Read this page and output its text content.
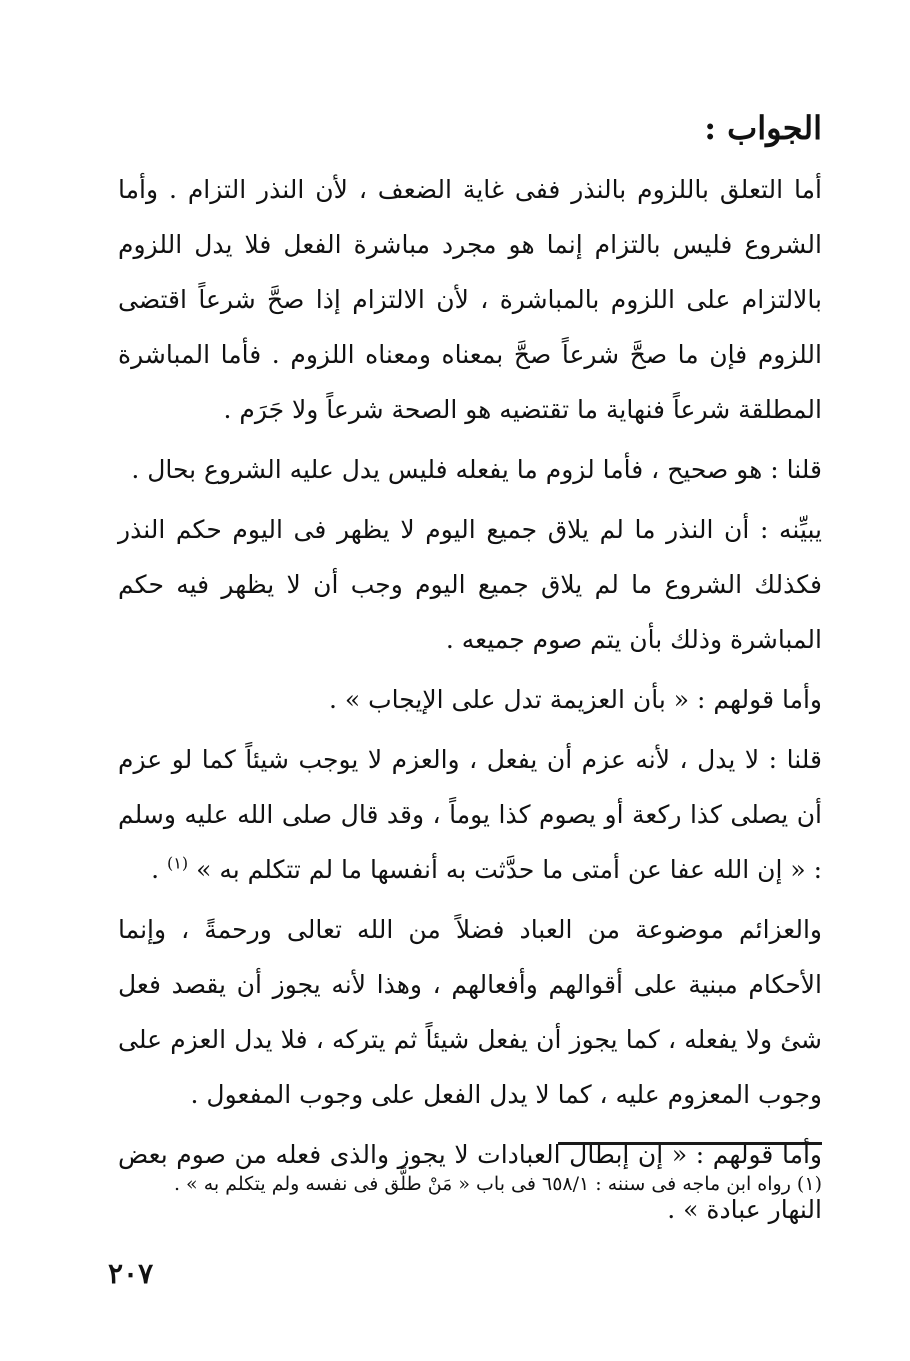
الجواب :

أما التعلق باللزوم بالنذر ففى غاية الضعف ، لأن النذر التزام . وأما الشروع فليس بالتزام إنما هو مجرد مباشرة الفعل فلا يدل اللزوم بالالتزام على اللزوم بالمباشرة ، لأن الالتزام إذا صحَّ شرعاً اقتضى اللزوم فإن ما صحَّ شرعاً صحَّ بمعناه ومعناه اللزوم . فأما المباشرة المطلقة شرعاً فنهاية ما تقتضيه هو الصحة شرعاً ولا جَرَم .

قلنا : هو صحيح ، فأما لزوم ما يفعله فليس يدل عليه الشروع بحال .

يبيِّنه : أن النذر ما لم يلاق جميع اليوم لا يظهر فى اليوم حكم النذر فكذلك الشروع ما لم يلاق جميع اليوم وجب أن لا يظهر فيه حكم المباشرة وذلك بأن يتم صوم جميعه .

وأما قولهم : « بأن العزيمة تدل على الإيجاب » .

قلنا : لا يدل ، لأنه عزم أن يفعل ، والعزم لا يوجب شيئاً كما لو عزم أن يصلى كذا ركعة أو يصوم كذا يوماً ، وقد قال صلى الله عليه وسلم : « إن الله عفا عن أمتى ما حدَّثت به أنفسها ما لم تتكلم به » $^{(١)}$ .

والعزائم موضوعة من العباد فضلاً من الله تعالى ورحمةً ، وإنما الأحكام مبنية على أقوالهم وأفعالهم ، وهذا لأنه يجوز أن يقصد فعل شئ ولا يفعله ، كما يجوز أن يفعل شيئاً ثم يتركه ، فلا يدل العزم على وجوب المعزوم عليه ، كما لا يدل الفعل على وجوب المفعول .

وأما قولهم : « إن إبطال العبادات لا يجوز والذى فعله من صوم بعض النهار عبادة » .

(١) رواه ابن ماجه فى سننه : ٦٥٨/١ فى باب « مَنْ طلَّق فى نفسه ولم يتكلم به » .
٢٠٧
